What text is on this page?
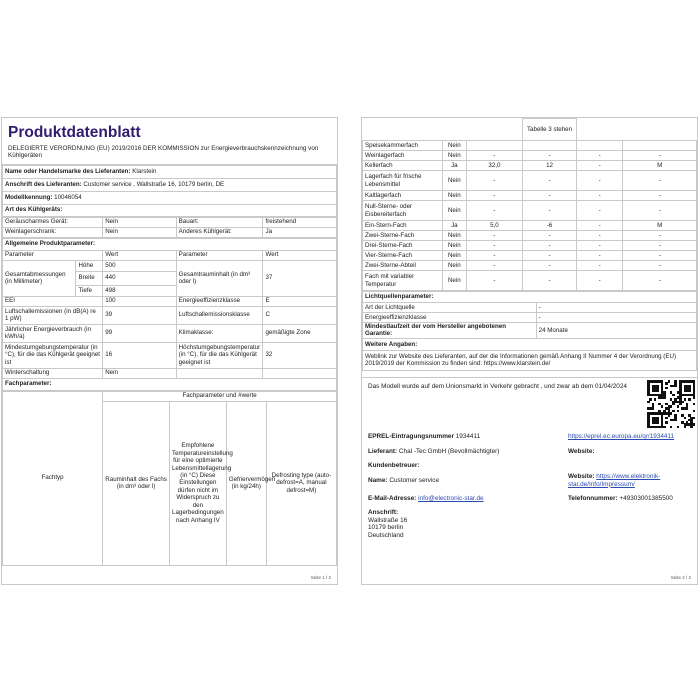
Produktdatenblatt
DELEGIERTE VERORDNUNG (EU) 2019/2016 DER KOMMISSION zur Energieverbrauchskennzeichnung von Kühlgeräten
Name oder Handelsmarke des Lieferanten: Klarstein
Anschrift des Lieferanten: Customer service , Wallstraße 16, 10179 berlin, DE
Modellkennung: 10046054
Art des Kühlgeräts:
Geräuscharmes Gerät:	Nein	Bauart:	freistehend
Weinlagerschrank:	Nein	Anderes Kühlgerät:	Ja
Allgemeine Produktparameter:				
Parameter		Wert	Parameter	Wert
Gesamtabmessungen (in Millimeter)	Höhe	500	Gesamtrauminhalt (in dm³ oder l)	37
	Breite	440		
	Tiefe	498		
EEI		100	Energieeffizienzklasse	E
Luftschallemissionen (in dB(A) re 1 pW)		39	Luftschallemissionsklasse	C
Jährlicher Energieverbrauch (in kWh/a)		99	Klimaklasse:	gemäßigte Zone
Mindestumgebungstemperatur (in °C), für die das Kühlgerät geeignet ist		16	Höchstumgebungstemperatur (in °C), für die das Kühlgerät geeignet ist	32
Winterschaltung		Nein		
Fachparameter:				
Fachtyp	Fachparameter und #werte			
	Rauminhalt des Fachs (in dm³ oder l)	Empfohlene Temperatureinstellung für eine optimierte Lebensmittellagerung (in °C) Diese Einstellungen dürfen nicht im Widerspruch zu den Lagerbedingungen nach Anhang IV	Gefriervermögen (in kg/24h)	Defrosting type (auto-defrost=A, manual defrost=M)
Seite 1 / 2
			Tabelle 3 stehen		
Speisekammerfach	Nein				
Weinlagerfach	Nein	-	-	-	-
Kellerfach	Ja	32,0	12	-	M
Lagerfach für frische Lebensmittel	Nein	-	-	-	-
Kaltlagerfach	Nein	-	-	-	-
Null-Sterne- oder Eisbereiterfach	Nein	-	-	-	-
Ein-Stern-Fach	Ja	5,0	-6	-	M
Zwei-Sterne-Fach	Nein	-	-	-	-
Drei-Sterne-Fach	Nein	-	-	-	-
Vier-Sterne-Fach	Nein	-	-	-	-
Zwei-Sterne-Abteil	Nein	-	-	-	-
Fach mit variabler Temperatur	Nein	-	-	-	-
Lichtquellenparameter:	
Art der Lichtquelle	-
Energieeffizienzklasse	-
Mindestlaufzeit der vom Hersteller angebotenen Garantie:	24 Monate
Weitere Angaben:	
Weblink zur Website des Lieferanten, auf der die Informationen gemäß Anhang II Nummer 4 der Verordnung (EU) 2019/2019 der Kommission zu finden sind: https://www.klarstein.de/	
Das Modell wurde auf dem Unionsmarkt in Verkehr gebracht , und zwar ab dem 01/04/2024
EPREL-Eintragungsnummer 1934411	https://eprel.ec.europa.eu/qr/1934411
Lieferant: Chal -Tec GmbH (Bevollmächtigter)	Website:
Kundenbetreuer:
Name: Customer service
Website: https://www.elektronik-star.de/Info/Impressum/
E-Mail-Adresse: info@electronic-star.de	Telefonnummer: +4930300138550​0
Anschrift:
Wallstraße 16
10179 berlin
Deutschland
Seite 2 / 2
